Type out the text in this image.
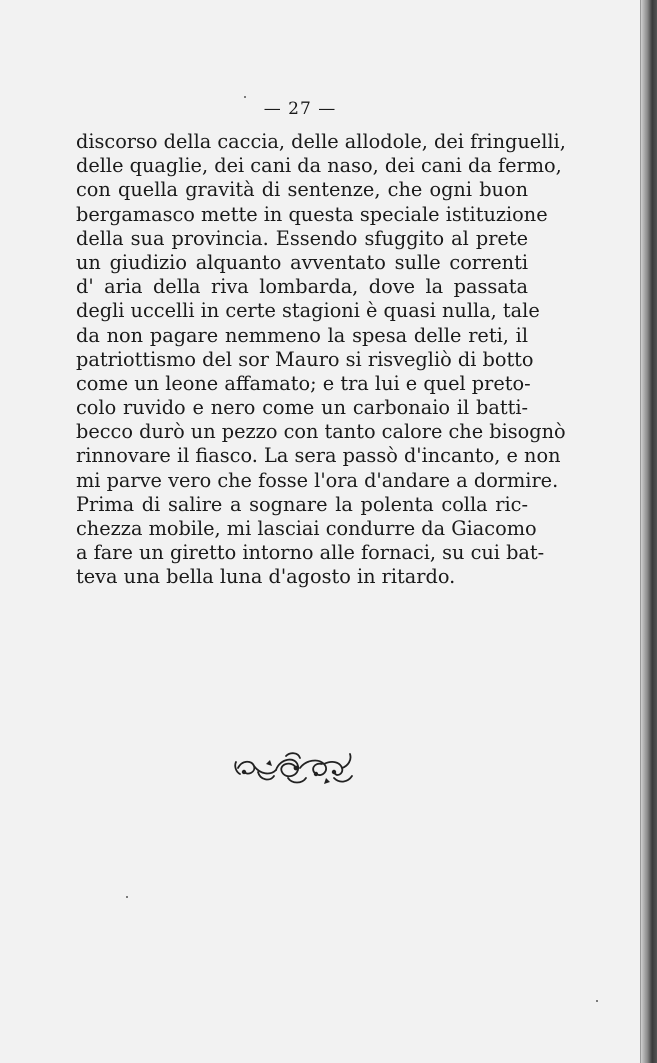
— 27 —
discorso della caccia, delle allodole, dei fringuelli,
delle quaglie, dei cani da naso, dei cani da fermo,
con quella gravità di sentenze, che ogni buon
bergamasco mette in questa speciale istituzione
della sua provincia. Essendo sfuggito al prete
un giudizio alquanto avventato sulle correnti
d' aria della riva lombarda, dove la passata
degli uccelli in certe stagioni è quasi nulla, tale
da non pagare nemmeno la spesa delle reti, il
patriottismo del sor Mauro si risvegliò di botto
come un leone affamato; e tra lui e quel preto-
colo ruvido e nero come un carbonaio il batti-
becco durò un pezzo con tanto calore che bisognò
rinnovare il fiasco. La sera passò d'incanto, e non
mi parve vero che fosse l'ora d'andare a dormire.
Prima di salire a sognare la polenta colla ric-
chezza mobile, mi lasciai condurre da Giacomo
a fare un giretto intorno alle fornaci, su cui bat-
teva una bella luna d'agosto in ritardo.
